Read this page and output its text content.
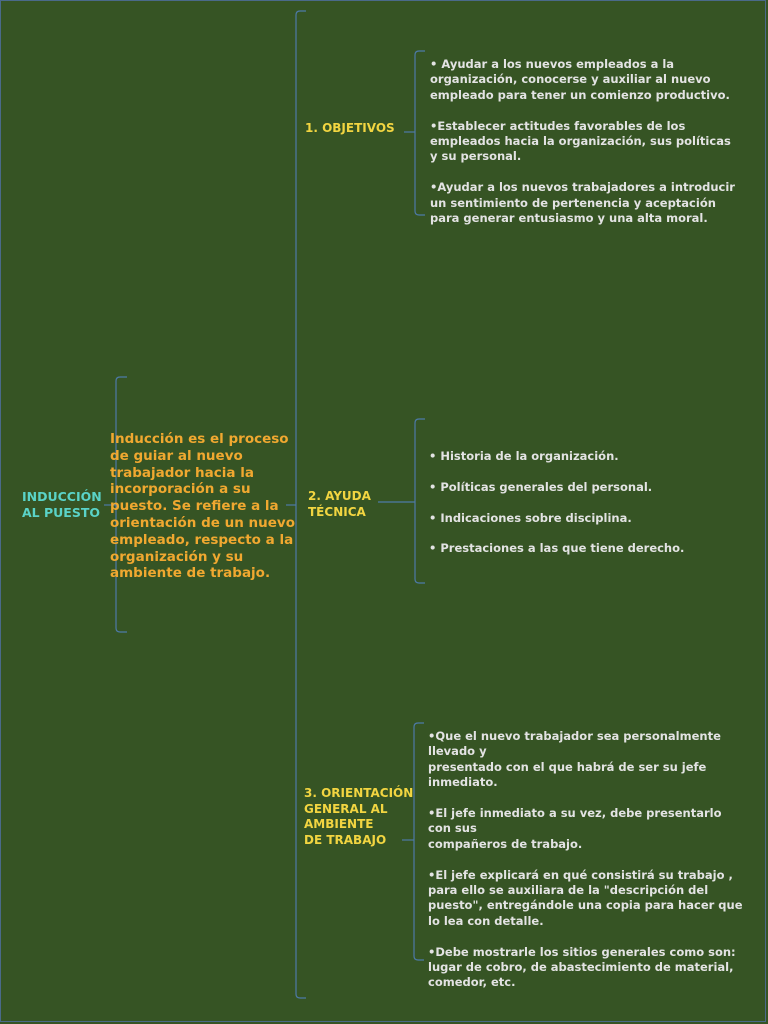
INDUCCIÓN
AL PUESTO
Inducción es el proceso de guiar al nuevo trabajador hacia la incorporación a su puesto. Se refiere a la orientación de un nuevo empleado, respecto a la organización y su ambiente de trabajo.
1. OBJETIVOS

• Ayudar a los nuevos empleados a la organización, conocerse y auxiliar al nuevo empleado para tener un comienzo productivo.

•Establecer actitudes favorables de los empleados hacia la organización, sus políticas y su personal.

•Ayudar a los nuevos trabajadores a introducir un sentimiento de pertenencia y aceptación para generar entusiasmo y una alta moral.

2. AYUDA
TÉCNICA

• Historia de la organización.

• Políticas generales del personal.

• Indicaciones sobre disciplina.

• Prestaciones a las que tiene derecho.

3. ORIENTACIÓN
GENERAL AL
AMBIENTE
DE TRABAJO

•Que el nuevo trabajador sea personalmente llevado y
presentado con el que habrá de ser su jefe inmediato.

•El jefe inmediato a su vez, debe presentarlo con sus
compañeros de trabajo.

•El jefe explicará en qué consistirá su trabajo , para ello se auxiliara de la "descripción del puesto", entregándole una copia para hacer que lo lea con detalle.

•Debe mostrarle los sitios generales como son: lugar de cobro, de abastecimiento de material, comedor, etc.
